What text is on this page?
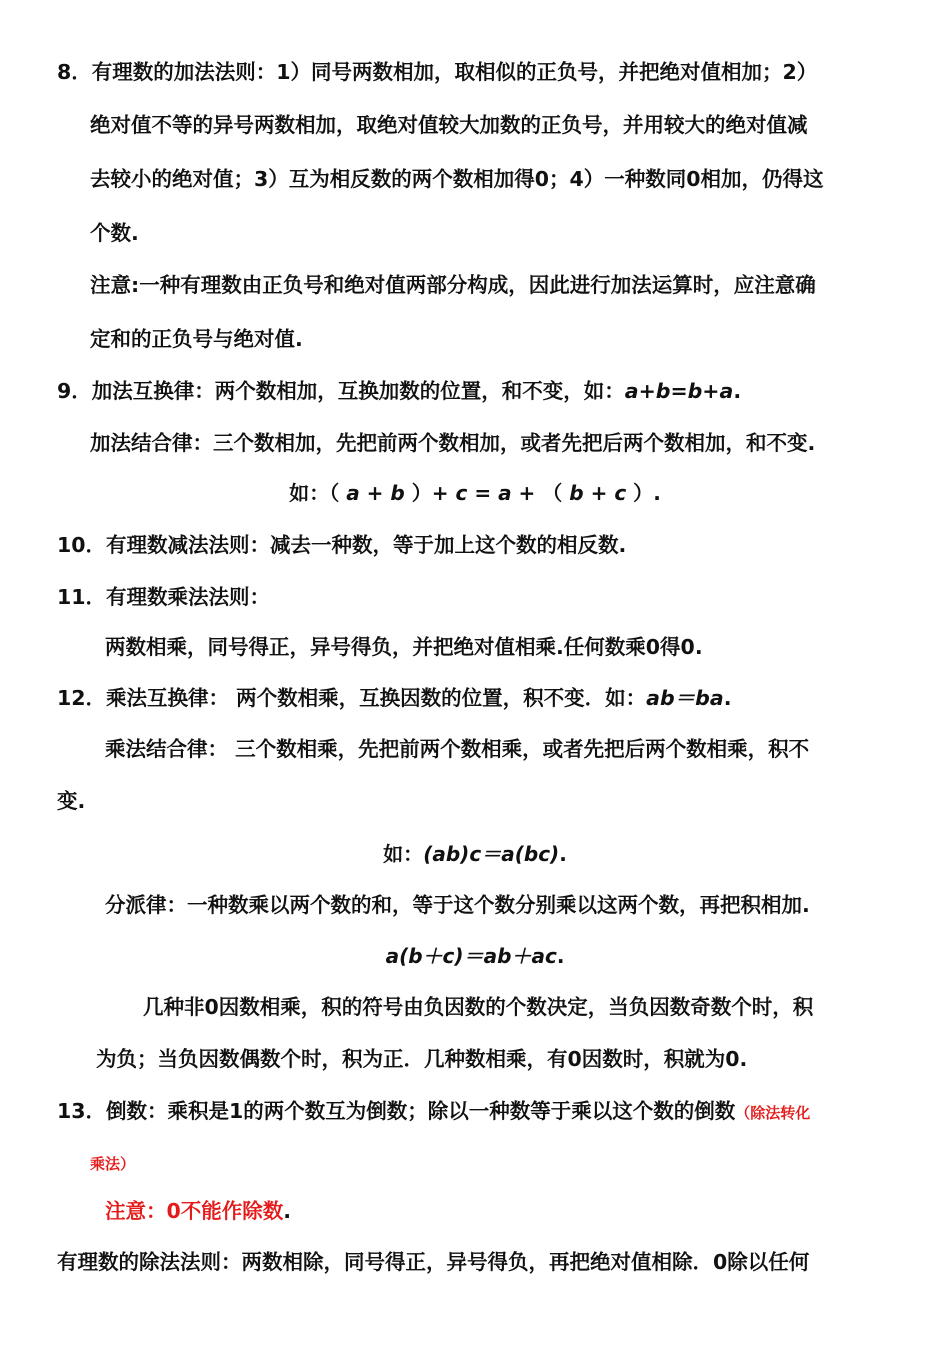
8．有理数的加法法则：1）同号两数相加，取相似的正负号，并把绝对值相加；2）
绝对值不等的异号两数相加，取绝对值较大加数的正负号，并用较大的绝对值减
去较小的绝对值；3）互为相反数的两个数相加得0；4）一种数同0相加，仍得这
个数.
注意:一种有理数由正负号和绝对值两部分构成，因此进行加法运算时，应注意确
定和的正负号与绝对值.
9．加法互换律：两个数相加，互换加数的位置，和不变，如：a+b=b+a.
加法结合律：三个数相加，先把前两个数相加，或者先把后两个数相加，和不变.
如：（ a + b ）+ c = a + （ b + c ）.
10．有理数减法法则：减去一种数，等于加上这个数的相反数.
11．有理数乘法法则：
两数相乘，同号得正，异号得负，并把绝对值相乘.任何数乘0得0.
12．乘法互换律： 两个数相乘，互换因数的位置，积不变．如：ab＝ba.
乘法结合律： 三个数相乘，先把前两个数相乘，或者先把后两个数相乘，积不
变.
如：(ab)c＝a(bc).
分派律：一种数乘以两个数的和，等于这个数分别乘以这两个数，再把积相加.
a(b＋c)＝ab＋ac.
几种非0因数相乘，积的符号由负因数的个数决定，当负因数奇数个时，积
为负；当负因数偶数个时，积为正．几种数相乘，有0因数时，积就为0.
13．倒数：乘积是1的两个数互为倒数；除以一种数等于乘以这个数的倒数（除法转化
乘法）
注意：0不能作除数.
有理数的除法法则：两数相除，同号得正，异号得负，再把绝对值相除．0除以任何
